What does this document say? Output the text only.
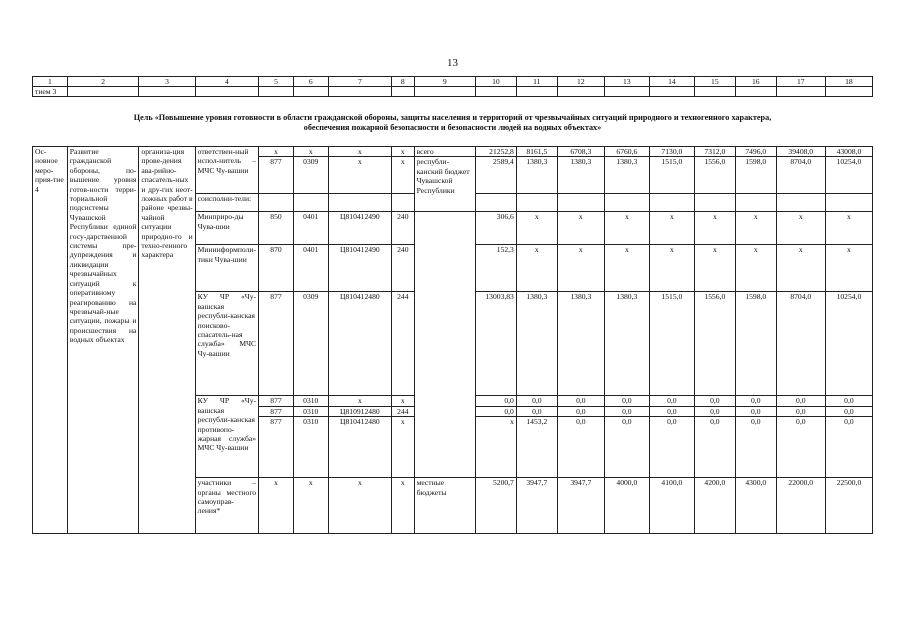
13
1	2	3	4	5	6	7	8	9	10	11	12	13	14	15	16	17	18
тием 3																	
Цель «Повышение уровня готовности в области гражданской обороны, защиты населения и территорий от чрезвычайных ситуаций природного и техногенного характера,
обеспечения пожарной безопасности и безопасности людей на водных объектах»
Ос-новное меро-прия-тие 4	Развитие гражданской обороны, по-вышение уровня готов-ности терри-ториальной подсистемы Чувашской Республики единой госу-дарственной системы пре-дупреждения и ликвидации чрезвычайных ситуаций к оперативному реагированию на чрезвычай-ные ситуации, пожары и происшествия на водных объектах	организа-ция прове-дения ава-рийно-спасатель-ных и дру-гих неот-ложных работ в районе чрезвы-чайной ситуации природно-го и техно-генного характера	ответствен-ный испол-нитель – МЧС Чу-вашии	х	х	х	х	всего	21252,8	8161,5	6708,3	6760,6	7130,0	7312,0	7496,0	39408,0	43008,0
				877	0309	х	х	республи-канский бюджет Чувашской Республики	2589,4	1380,3	1380,3	1380,3	1515,0	1556,0	1598,0	8704,0	10254,0
			соисполни-тели:														
			Минприро-ды Чува-шии	850	0401	Ц810412490	240		306,6	х	х	х	х	х	х	х	х
			Мининформполи-тики Чува-шии	870	0401	Ц810412490	240		152,3	х	х	х	х	х	х	х	х
			КУ ЧР «Чу-вашская республи-канская поисково-спасатель-ная служба» МЧС Чу-вашии	877	0309	Ц810412480	244		13003,83	1380,3	1380,3	1380,3	1515,0	1556,0	1598,0	8704,0	10254,0
			КУ ЧР «Чу-вашская республи-канская противопо-жарная служба» МЧС Чу-вашии	877	0310	х	х		0,0	0,0	0,0	0,0	0,0	0,0	0,0	0,0	0,0
				877	0310	Ц810912480	244		0,0	0,0	0,0	0,0	0,0	0,0	0,0	0,0	0,0
				877	0310	Ц810412480	х		х	1453,2	0,0	0,0	0,0	0,0	0,0	0,0	0,0
			участники – органы местного самоуправ-ления*	х	х	х	х	местные бюджеты	5200,7	3947,7	3947,7	4000,0	4100,0	4200,0	4300,0	22000,0	22500,0
